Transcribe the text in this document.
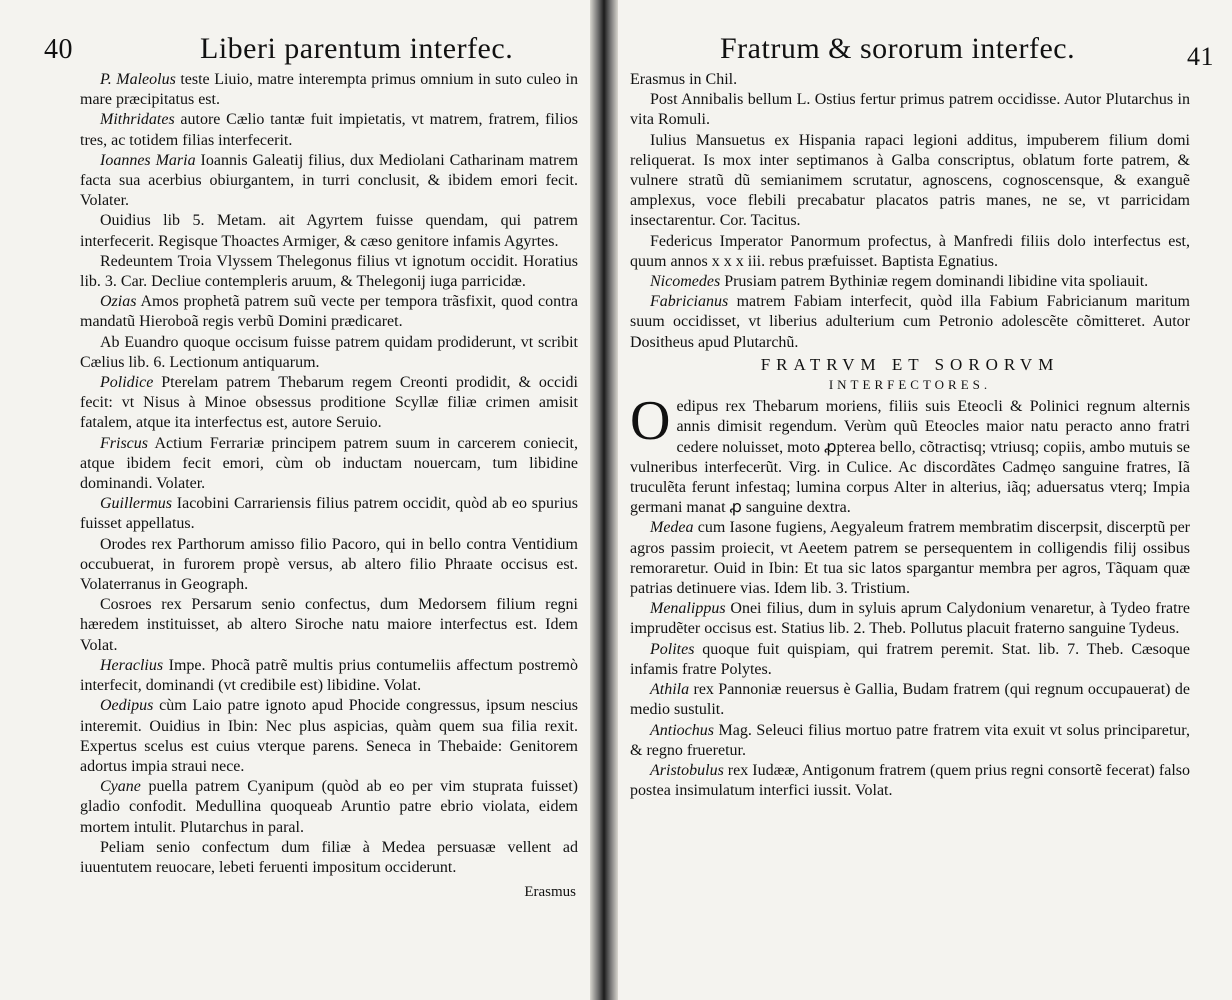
40	Liberi parentum interfec.

P. Maleolus teste Liuio, matre interempta primus omnium in suto culeo in mare præcipitatus est.

Mithridates autore Cælio tantæ fuit impietatis, vt matrem, fratrem, filios tres, ac totidem filias interfecerit.

Ioannes Maria Ioannis Galeatij filius, dux Mediolani Catharinam matrem facta sua acerbius obiurgantem, in turri conclusit, & ibidem emori fecit. Volater.

Ouidius lib 5. Metam. ait Agyrtem fuisse quendam, qui patrem interfecerit. Regisque Thoactes Armiger, & cæso genitore infamis Agyrtes.

Redeuntem Troia Vlyssem Thelegonus filius vt ignotum occidit. Horatius lib. 3. Car. Decliue contempleris aruum, & Thelegonij iuga parricidæ.

Ozias Amos prophetã patrem suũ vecte per tempora trãsfixit, quod contra mandatũ Hieroboã regis verbũ Domini prædicaret.

Ab Euandro quoque occisum fuisse patrem quidam prodiderunt, vt scribit Cælius lib. 6. Lectionum antiquarum.

Polidice Pterelam patrem Thebarum regem Creonti prodidit, & occidi fecit: vt Nisus à Minoe obsessus proditione Scyllæ filiæ crimen amisit fatalem, atque ita interfectus est, autore Seruio.

Friscus Actium Ferrariæ principem patrem suum in carcerem coniecit, atque ibidem fecit emori, cùm ob inductam nouercam, tum libidine dominandi. Volater.

Guillermus Iacobini Carrariensis filius patrem occidit, quòd ab eo spurius fuisset appellatus.

Orodes rex Parthorum amisso filio Pacoro, qui in bello contra Ventidium occubuerat, in furorem propè versus, ab altero filio Phraate occisus est. Volaterranus in Geograph.

Cosroes rex Persarum senio confectus, dum Medorsem filium regni hæredem instituisset, ab altero Siroche natu maiore interfectus est. Idem Volat.

Heraclius Impe. Phocã patrẽ multis prius contumeliis affectum postremò interfecit, dominandi (vt credibile est) libidine. Volat.

Oedipus cùm Laio patre ignoto apud Phocide congressus, ipsum nescius interemit. Ouidius in Ibin: Nec plus aspicias, quàm quem sua filia rexit. Expertus scelus est cuius vterque parens. Seneca in Thebaide: Genitorem adortus impia straui nece.

Cyane puella patrem Cyanipum (quòd ab eo per vim stuprata fuisset) gladio confodit. Medullina quoqueab Aruntio patre ebrio violata, eidem mortem intulit. Plutarchus in paral.

Peliam senio confectum dum filiæ à Medea persuasæ vellent ad iuuentutem reuocare, lebeti feruenti impositum occiderunt.

Erasmus
Fratrum & sororum interfec.	41

Erasmus in Chil.

Post Annibalis bellum L. Ostius fertur primus patrem occidisse. Autor Plutarchus in vita Romuli.

Iulius Mansuetus ex Hispania rapaci legioni additus, impuberem filium domi reliquerat. Is mox inter septimanos à Galba conscriptus, oblatum forte patrem, & vulnere stratũ dũ semianimem scrutatur, agnoscens, cognoscensque, & exanguẽ amplexus, voce flebili precabatur placatos patris manes, ne se, vt parricidam insectarentur. Cor. Tacitus.

Federicus Imperator Panormum profectus, à Manfredi filiis dolo interfectus est, quum annos x x x iii. rebus præfuisset. Baptista Egnatius.

Nicomedes Prusiam patrem Bythiniæ regem dominandi libidine vita spoliauit.

Fabricianus matrem Fabiam interfecit, quòd illa Fabium Fabricianum maritum suum occidisset, vt liberius adulterium cum Petronio adolescẽte cõmitteret. Autor Dositheus apud Plutarchũ.

FRATRVM ET SORORVM
INTERFECTORES.

Oedipus rex Thebarum moriens, filiis suis Eteocli & Polinici regnum alternis annis dimisit regendum. Verùm quũ Eteocles maior natu peracto anno fratri cedere noluisset, moto ꝓpterea bello, cõtractisq; vtriusq; copiis, ambo mutuis se vulneribus interfecerũt. Virg. in Culice. Ac discordãtes Cadmęo sanguine fratres, Iã truculẽta ferunt infestaq; lumina corpus Alter in alterius, iãq; aduersatus vterq; Impia germani manat ꝓ sanguine dextra.

Medea cum Iasone fugiens, Aegyaleum fratrem membratim discerpsit, discerptũ per agros passim proiecit, vt Aeetem patrem se persequentem in colligendis filij ossibus remoraretur. Ouid in Ibin: Et tua sic latos spargantur membra per agros, Tãquam quæ patrias detinuere vias. Idem lib. 3. Tristium.

Menalippus Onei filius, dum in syluis aprum Calydonium venaretur, à Tydeo fratre imprudẽter occisus est. Statius lib. 2. Theb. Pollutus placuit fraterno sanguine Tydeus.

Polites quoque fuit quispiam, qui fratrem peremit. Stat. lib. 7. Theb. Cæsoque infamis fratre Polytes.

Athila rex Pannoniæ reuersus è Gallia, Budam fratrem (qui regnum occupauerat) de medio sustulit.

Antiochus Mag. Seleuci filius mortuo patre fratrem vita exuit vt solus principaretur, & regno frueretur.

Aristobulus rex Iudææ, Antigonum fratrem (quem prius regni consortẽ fecerat) falso postea insimulatum interfici iussit. Volat.
